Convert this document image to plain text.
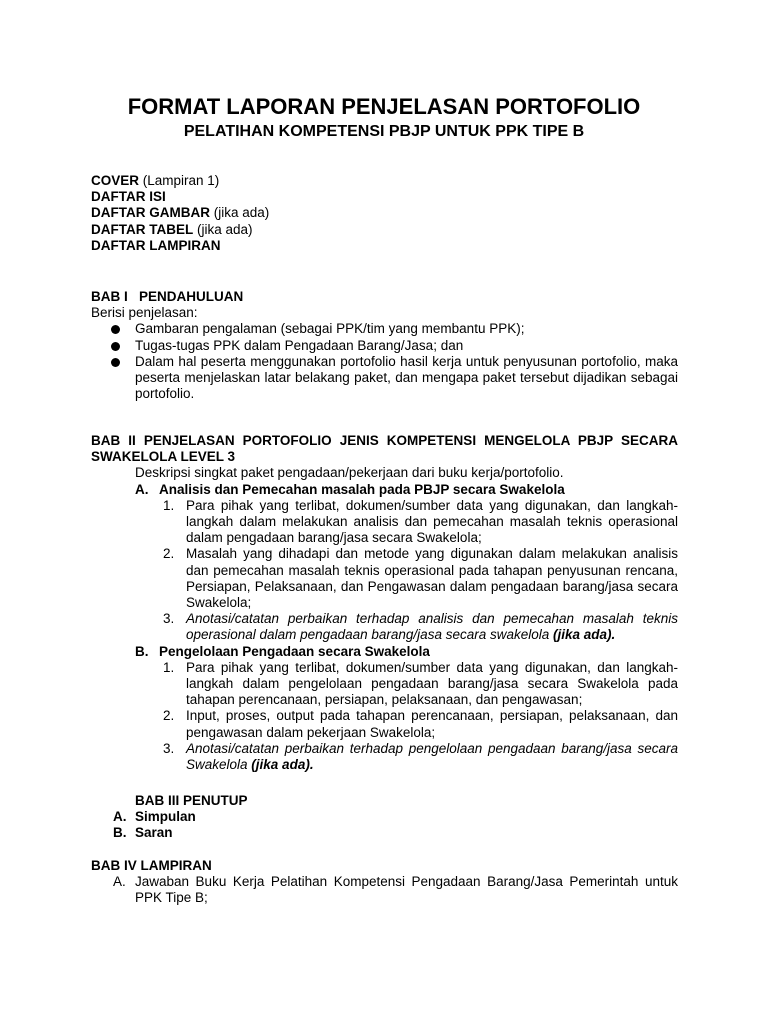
FORMAT LAPORAN PENJELASAN PORTOFOLIO
PELATIHAN KOMPETENSI PBJP UNTUK PPK TIPE B
COVER (Lampiran 1)
DAFTAR ISI
DAFTAR GAMBAR (jika ada)
DAFTAR TABEL (jika ada)
DAFTAR LAMPIRAN
BAB I   PENDAHULUAN
Berisi penjelasan:
Gambaran pengalaman (sebagai PPK/tim yang membantu PPK);
Tugas-tugas PPK dalam Pengadaan Barang/Jasa; dan
Dalam hal peserta menggunakan portofolio hasil kerja untuk penyusunan portofolio, maka peserta menjelaskan latar belakang paket, dan mengapa paket tersebut dijadikan sebagai portofolio.
BAB II PENJELASAN PORTOFOLIO JENIS KOMPETENSI MENGELOLA PBJP SECARA SWAKELOLA LEVEL 3
Deskripsi singkat paket pengadaan/pekerjaan dari buku kerja/portofolio.
A. Analisis dan Pemecahan masalah pada PBJP secara Swakelola
1. Para pihak yang terlibat, dokumen/sumber data yang digunakan, dan langkah-langkah dalam melakukan analisis dan pemecahan masalah teknis operasional dalam pengadaan barang/jasa secara Swakelola;
2. Masalah yang dihadapi dan metode yang digunakan dalam melakukan analisis dan pemecahan masalah teknis operasional pada tahapan penyusunan rencana, Persiapan, Pelaksanaan, dan Pengawasan dalam pengadaan barang/jasa secara Swakelola;
3. Anotasi/catatan perbaikan terhadap analisis dan pemecahan masalah teknis operasional dalam pengadaan barang/jasa secara swakelola (jika ada).
B. Pengelolaan Pengadaan secara Swakelola
1. Para pihak yang terlibat, dokumen/sumber data yang digunakan, dan langkah-langkah dalam pengelolaan pengadaan barang/jasa secara Swakelola pada tahapan perencanaan, persiapan, pelaksanaan, dan pengawasan;
2. Input, proses, output pada tahapan perencanaan, persiapan, pelaksanaan, dan pengawasan dalam pekerjaan Swakelola;
3. Anotasi/catatan perbaikan terhadap pengelolaan pengadaan barang/jasa secara Swakelola (jika ada).
BAB III PENUTUP
A. Simpulan
B. Saran
BAB IV LAMPIRAN
A. Jawaban Buku Kerja Pelatihan Kompetensi Pengadaan Barang/Jasa Pemerintah untuk PPK Tipe B;
